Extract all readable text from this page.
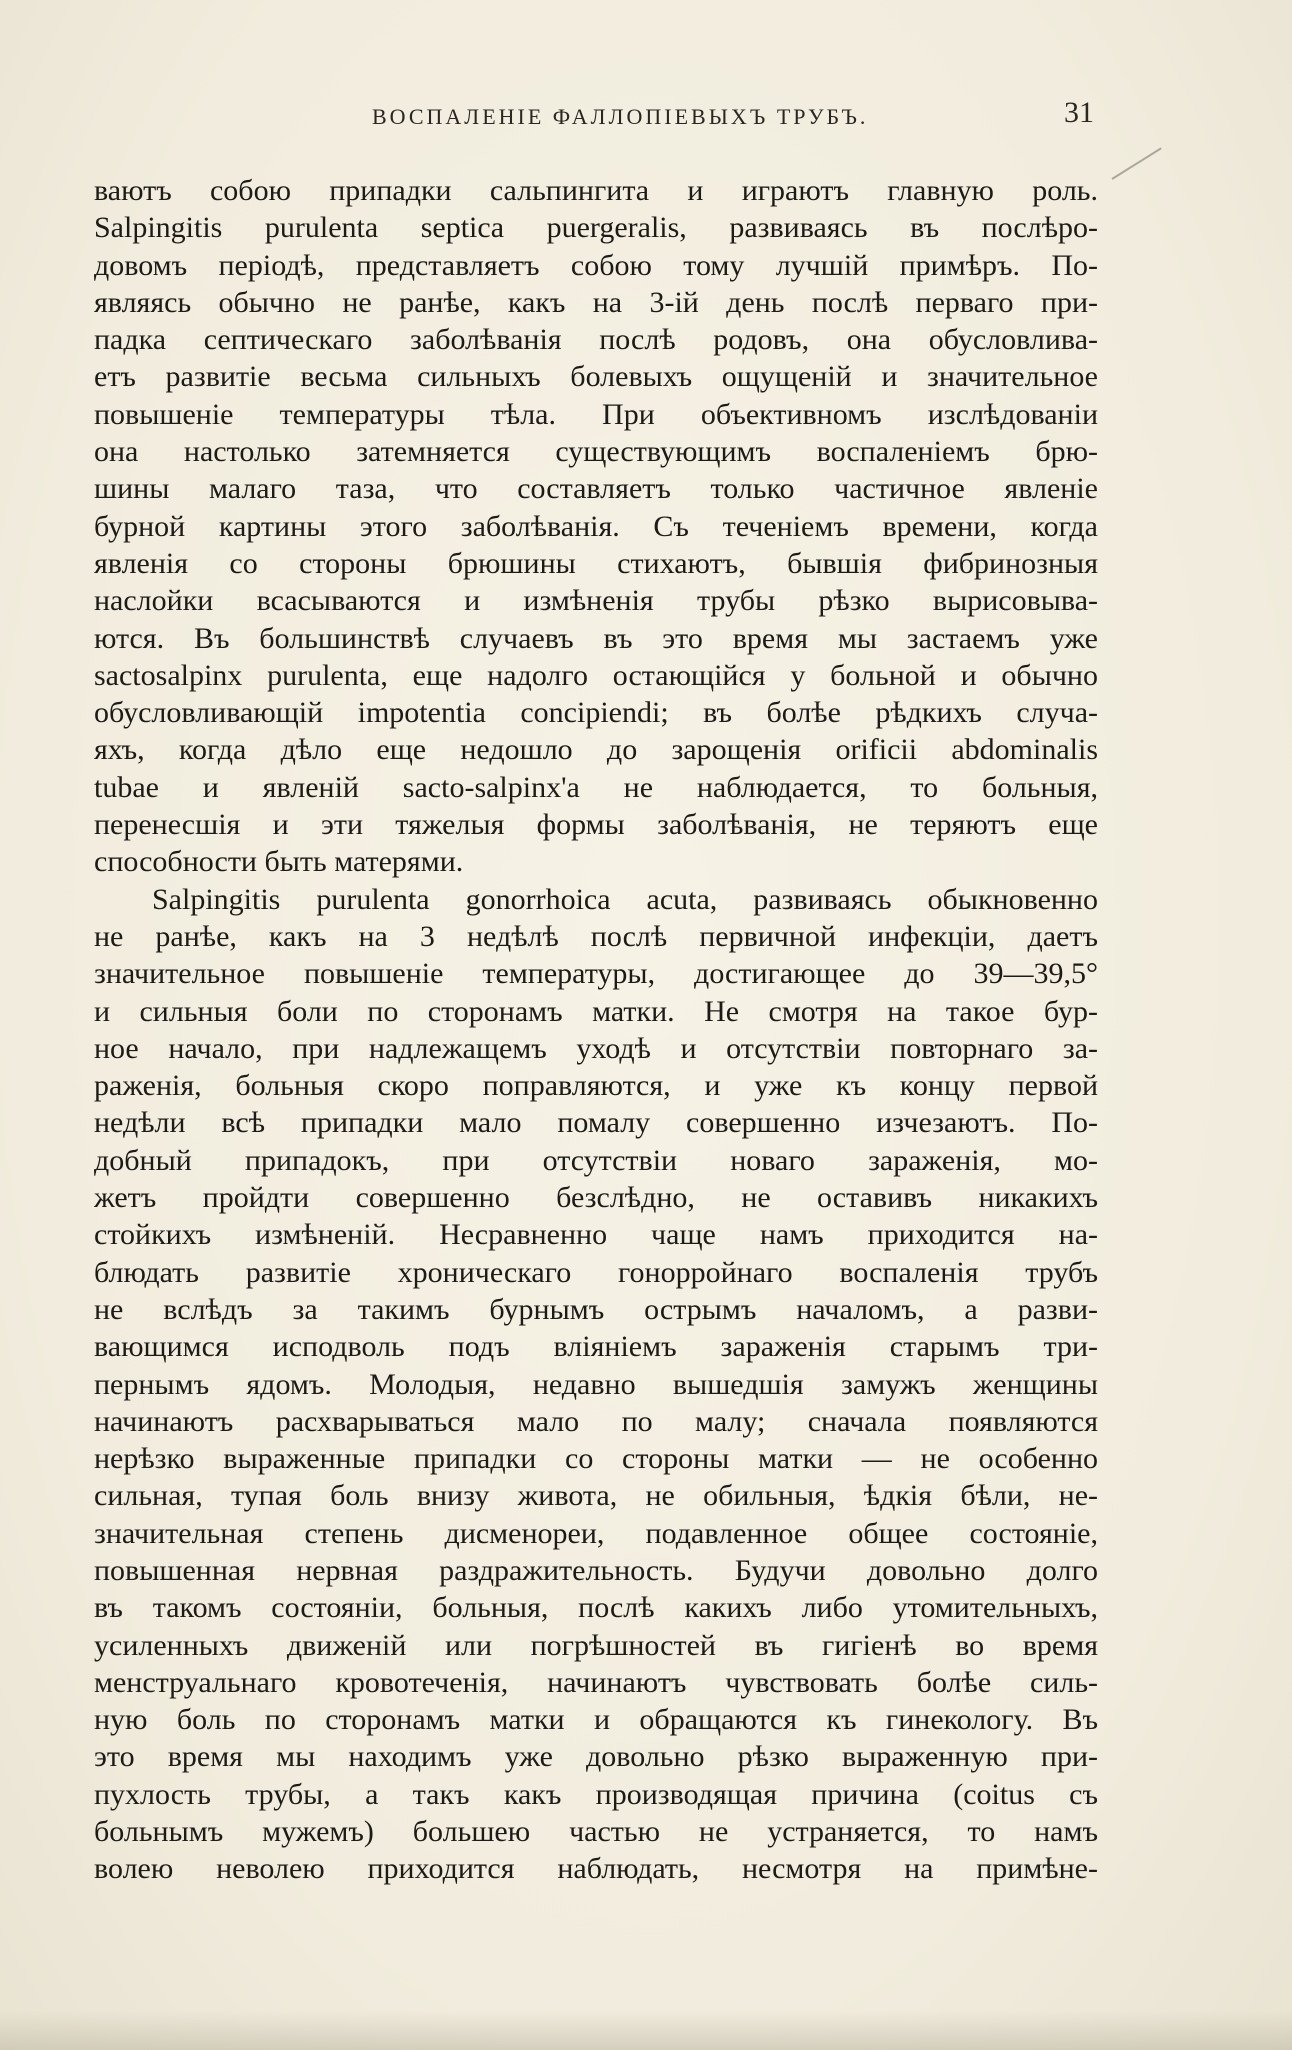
ВОСПАЛЕНІЕ ФАЛЛОПІЕВЫХЪ ТРУБЪ.	31
ваютъ собою припадки сальпингита и играютъ главную роль.
Salpingitis purulenta septica puergeralis, развиваясь въ послѣро-
довомъ періодѣ, представляетъ собою тому лучшій примѣръ. По-
являясь обычно не ранѣе, какъ на 3-ій день послѣ перваго при-
падка септическаго заболѣванія послѣ родовъ, она обусловлива-
етъ развитіе весьма сильныхъ болевыхъ ощущеній и значительное
повышеніе температуры тѣла. При объективномъ изслѣдованіи
она настолько затемняется существующимъ воспаленіемъ брю-
шины малаго таза, что составляетъ только частичное явленіе
бурной картины этого заболѣванія. Съ теченіемъ времени, когда
явленія со стороны брюшины стихаютъ, бывшія фибринозныя
наслойки всасываются и измѣненія трубы рѣзко вырисовыва-
ются. Въ большинствѣ случаевъ въ это время мы застаемъ уже
sactosalpinx purulenta, еще надолго остающійся у больной и обычно
обусловливающій impotentia conciріendi; въ болѣе рѣдкихъ случа-
яхъ, когда дѣло еще недошло до зарощенія orificii abdominalis
tubae и явленій sacto-salpinx'а не наблюдается, то больныя,
перенесшія и эти тяжелыя формы заболѣванія, не теряютъ еще
способности быть матерями.
Salpingitis purulenta gonorrhoica acuta, развиваясь обыкновенно
не ранѣе, какъ на 3 недѣлѣ послѣ первичной инфекціи, даетъ
значительное повышеніе температуры, достигающее до 39—39,5°
и сильныя боли по сторонамъ матки. Не смотря на такое бур-
ное начало, при надлежащемъ уходѣ и отсутствіи повторнаго за-
раженія, больныя скоро поправляются, и уже къ концу первой
недѣли всѣ припадки мало помалу совершенно изчезаютъ. По-
добный припадокъ, при отсутствіи новаго зараженія, мо-
жетъ пройдти совершенно безслѣдно, не оставивъ никакихъ
стойкихъ измѣненій. Несравненно чаще намъ приходится на-
блюдать развитіе хроническаго гонорройнаго воспаленія трубъ
не вслѣдъ за такимъ бурнымъ острымъ началомъ, а разви-
вающимся исподволь подъ вліяніемъ зараженія старымъ три-
пернымъ ядомъ. Молодыя, недавно вышедшія замужъ женщины
начинаютъ расхварываться мало по малу; сначала появляются
нерѣзко выраженные припадки со стороны матки — не особенно
сильная, тупая боль внизу живота, не обильныя, ѣдкія бѣли, не-
значительная степень дисменореи, подавленное общее состояніе,
повышенная нервная раздражительность. Будучи довольно долго
въ такомъ состояніи, больныя, послѣ какихъ либо утомительныхъ,
усиленныхъ движеній или погрѣшностей въ гигіенѣ во время
менструальнаго кровотеченія, начинаютъ чувствовать болѣе силь-
ную боль по сторонамъ матки и обращаются къ гинекологу. Въ
это время мы находимъ уже довольно рѣзко выраженную при-
пухлость трубы, а такъ какъ производящая причина (coitus съ
больнымъ мужемъ) большею частью не устраняется, то намъ
волею неволею приходится наблюдать, несмотря на примѣне-
